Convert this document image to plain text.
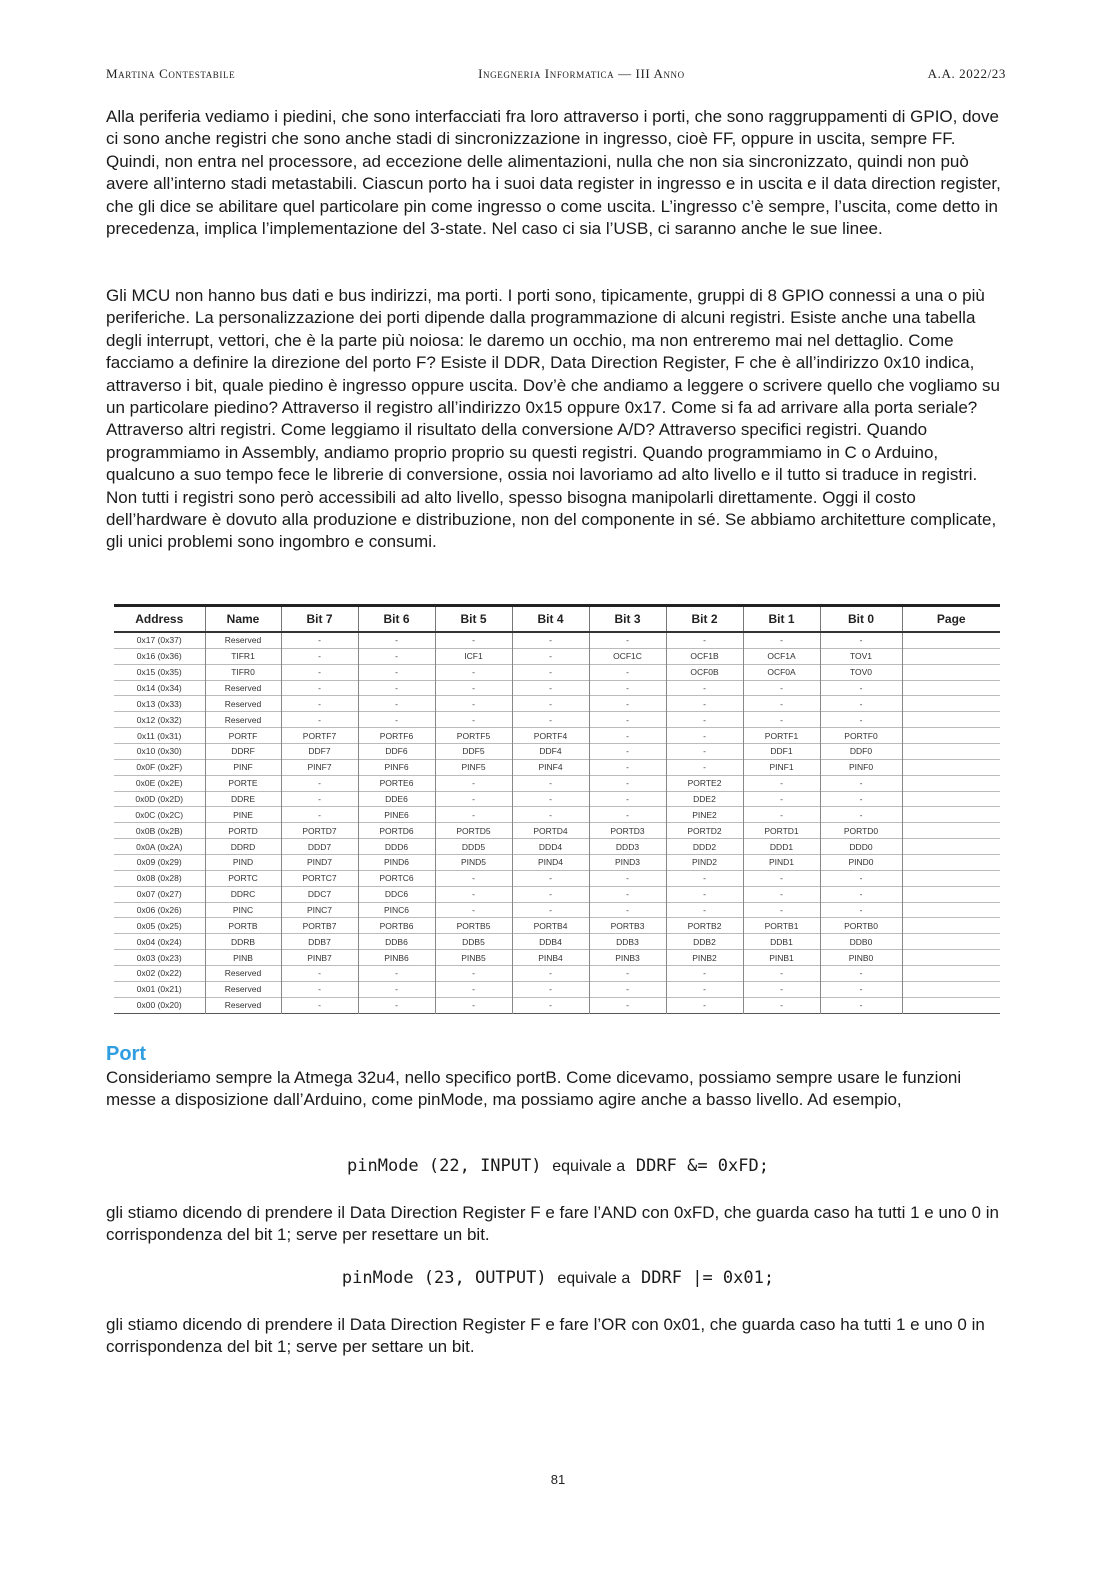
Martina Contestabile	Ingegneria Informatica — III Anno	A.A. 2022/23

Alla periferia vediamo i piedini, che sono interfacciati fra loro attraverso i porti, che sono raggruppamenti di GPIO, dove ci sono anche registri che sono anche stadi di sincronizzazione in ingresso, cioè FF, oppure in uscita, sempre FF. Quindi, non entra nel processore, ad eccezione delle alimentazioni, nulla che non sia sincronizzato, quindi non può avere all’interno stadi metastabili. Ciascun porto ha i suoi data register in ingresso e in uscita e il data direction register, che gli dice se abilitare quel particolare pin come ingresso o come uscita. L’ingresso c’è sempre, l’uscita, come detto in precedenza, implica l’implementazione del 3-state. Nel caso ci sia l’USB, ci saranno anche le sue linee.

Gli MCU non hanno bus dati e bus indirizzi, ma porti. I porti sono, tipicamente, gruppi di 8 GPIO connessi a una o più periferiche. La personalizzazione dei porti dipende dalla programmazione di alcuni registri. Esiste anche una tabella degli interrupt, vettori, che è la parte più noiosa: le daremo un occhio, ma non entreremo mai nel dettaglio. Come facciamo a definire la direzione del porto F? Esiste il DDR, Data Direction Register, F che è all’indirizzo 0x10 indica, attraverso i bit, quale piedino è ingresso oppure uscita. Dov’è che andiamo a leggere o scrivere quello che vogliamo su un particolare piedino? Attraverso il registro all’indirizzo 0x15 oppure 0x17. Come si fa ad arrivare alla porta seriale? Attraverso altri registri. Come leggiamo il risultato della conversione A/D? Attraverso specifici registri. Quando programmiamo in Assembly, andiamo proprio proprio su questi registri. Quando programmiamo in C o Arduino, qualcuno a suo tempo fece le librerie di conversione, ossia noi lavoriamo ad alto livello e il tutto si traduce in registri. Non tutti i registri sono però accessibili ad alto livello, spesso bisogna manipolarli direttamente. Oggi il costo dell’hardware è dovuto alla produzione e distribuzione, non del componente in sé. Se abbiamo architetture complicate, gli unici problemi sono ingombro e consumi.

Address	Name	Bit 7	Bit 6	Bit 5	Bit 4	Bit 3	Bit 2	Bit 1	Bit 0	Page
0x17 (0x37)	Reserved	-	-	-	-	-	-	-	-	
0x16 (0x36)	TIFR1	-	-	ICF1	-	OCF1C	OCF1B	OCF1A	TOV1	
0x15 (0x35)	TIFR0	-	-	-	-	-	OCF0B	OCF0A	TOV0	
0x14 (0x34)	Reserved	-	-	-	-	-	-	-	-	
0x13 (0x33)	Reserved	-	-	-	-	-	-	-	-	
0x12 (0x32)	Reserved	-	-	-	-	-	-	-	-	
0x11 (0x31)	PORTF	PORTF7	PORTF6	PORTF5	PORTF4	-	-	PORTF1	PORTF0	
0x10 (0x30)	DDRF	DDF7	DDF6	DDF5	DDF4	-	-	DDF1	DDF0	
0x0F (0x2F)	PINF	PINF7	PINF6	PINF5	PINF4	-	-	PINF1	PINF0	
0x0E (0x2E)	PORTE	-	PORTE6	-	-	-	PORTE2	-	-	
0x0D (0x2D)	DDRE	-	DDE6	-	-	-	DDE2	-	-	
0x0C (0x2C)	PINE	-	PINE6	-	-	-	PINE2	-	-	
0x0B (0x2B)	PORTD	PORTD7	PORTD6	PORTD5	PORTD4	PORTD3	PORTD2	PORTD1	PORTD0	
0x0A (0x2A)	DDRD	DDD7	DDD6	DDD5	DDD4	DDD3	DDD2	DDD1	DDD0	
0x09 (0x29)	PIND	PIND7	PIND6	PIND5	PIND4	PIND3	PIND2	PIND1	PIND0	
0x08 (0x28)	PORTC	PORTC7	PORTC6	-	-	-	-	-	-	
0x07 (0x27)	DDRC	DDC7	DDC6	-	-	-	-	-	-	
0x06 (0x26)	PINC	PINC7	PINC6	-	-	-	-	-	-	
0x05 (0x25)	PORTB	PORTB7	PORTB6	PORTB5	PORTB4	PORTB3	PORTB2	PORTB1	PORTB0	
0x04 (0x24)	DDRB	DDB7	DDB6	DDB5	DDB4	DDB3	DDB2	DDB1	DDB0	
0x03 (0x23)	PINB	PINB7	PINB6	PINB5	PINB4	PINB3	PINB2	PINB1	PINB0	
0x02 (0x22)	Reserved	-	-	-	-	-	-	-	-	
0x01 (0x21)	Reserved	-	-	-	-	-	-	-	-	
0x00 (0x20)	Reserved	-	-	-	-	-	-	-	-	
Port

Consideriamo sempre la Atmega 32u4, nello specifico portB. Come dicevamo, possiamo sempre usare le funzioni messe a disposizione dall’Arduino, come pinMode, ma possiamo agire anche a basso livello. Ad esempio,

pinMode (22, INPUT) equivale a DDRF &= 0xFD;

gli stiamo dicendo di prendere il Data Direction Register F e fare l’AND con 0xFD, che guarda caso ha tutti 1 e uno 0 in corrispondenza del bit 1; serve per resettare un bit.

pinMode (23, OUTPUT) equivale a DDRF |= 0x01;

gli stiamo dicendo di prendere il Data Direction Register F e fare l’OR con 0x01, che guarda caso ha tutti 1 e uno 0 in corrispondenza del bit 1; serve per settare un bit.

81
